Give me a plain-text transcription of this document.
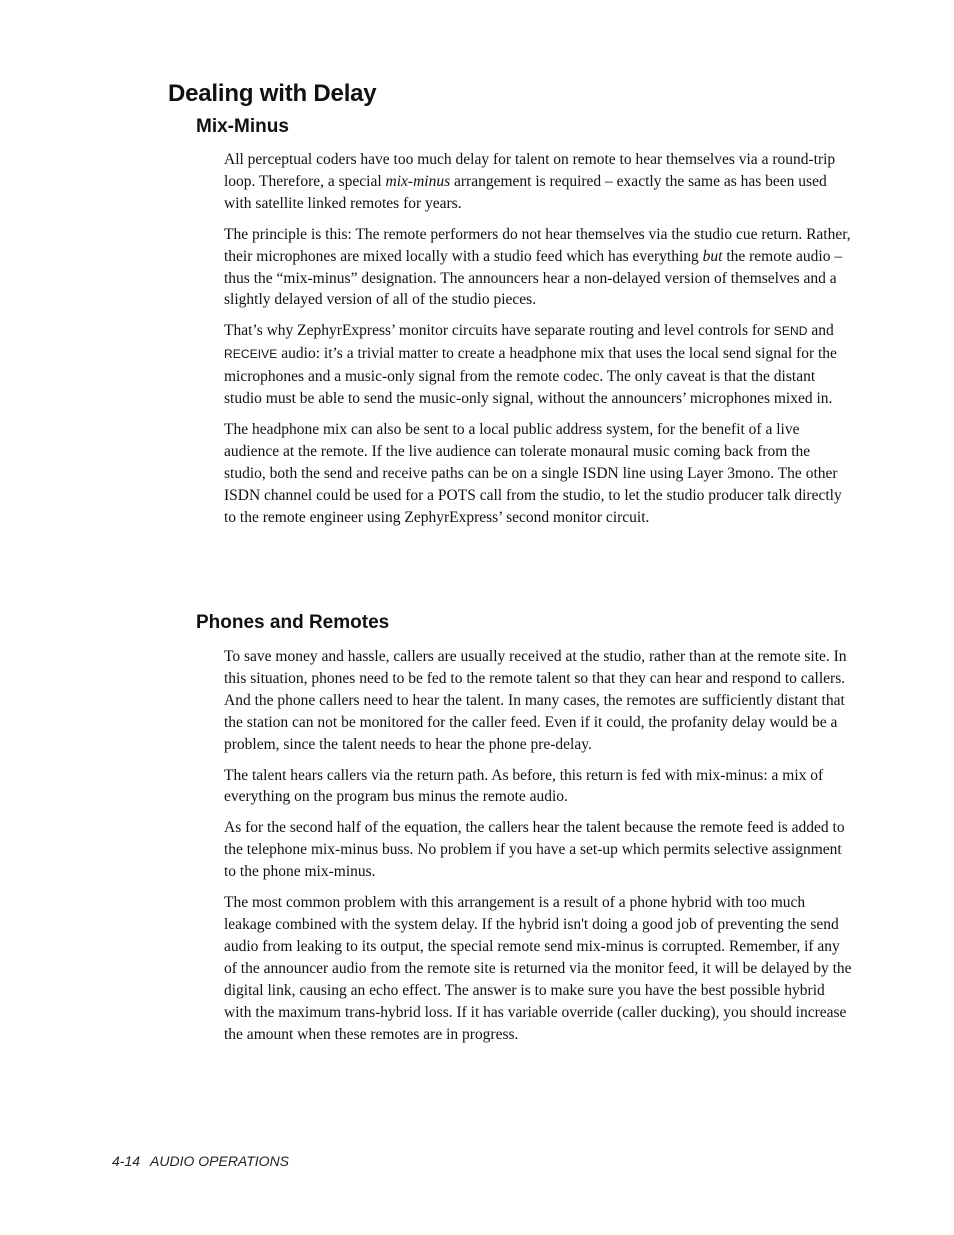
Dealing with Delay
Mix-Minus

All perceptual coders have too much delay for talent on remote to hear themselves via a round-trip loop. Therefore, a special mix-minus arrangement is required – exactly the same as has been used with satellite linked remotes for years.

The principle is this: The remote performers do not hear themselves via the studio cue return. Rather, their microphones are mixed locally with a studio feed which has everything but the remote audio – thus the “mix-minus” designation. The announcers hear a non-delayed version of themselves and a slightly delayed version of all of the studio pieces.

That’s why ZephyrExpress’ monitor circuits have separate routing and level controls for SEND and RECEIVE audio: it’s a trivial matter to create a headphone mix that uses the local send signal for the microphones and a music-only signal from the remote codec. The only caveat is that the distant studio must be able to send the music-only signal, without the announcers’ microphones mixed in.

The headphone mix can also be sent to a local public address system, for the benefit of a live audience at the remote. If the live audience can tolerate monaural music coming back from the studio, both the send and receive paths can be on a single ISDN line using Layer 3mono. The other ISDN channel could be used for a POTS call from the studio, to let the studio producer talk directly to the remote engineer using ZephyrExpress’ second monitor circuit.

Phones and Remotes

To save money and hassle, callers are usually received at the studio, rather than at the remote site. In this situation, phones need to be fed to the remote talent so that they can hear and respond to callers. And the phone callers need to hear the talent. In many cases, the remotes are sufficiently distant that the station can not be monitored for the caller feed. Even if it could, the profanity delay would be a problem, since the talent needs to hear the phone pre-delay.

The talent hears callers via the return path. As before, this return is fed with mix-minus: a mix of everything on the program bus minus the remote audio.

As for the second half of the equation, the callers hear the talent because the remote feed is added to the telephone mix-minus buss. No problem if you have a set-up which permits selective assignment to the phone mix-minus.

The most common problem with this arrangement is a result of a phone hybrid with too much leakage combined with the system delay. If the hybrid isn't doing a good job of preventing the send audio from leaking to its output, the special remote send mix-minus is corrupted. Remember, if any of the announcer audio from the remote site is returned via the monitor feed, it will be delayed by the digital link, causing an echo effect. The answer is to make sure you have the best possible hybrid with the maximum trans-hybrid loss. If it has variable override (caller ducking), you should increase the amount when these remotes are in progress.

4-14 AUDIO OPERATIONS
